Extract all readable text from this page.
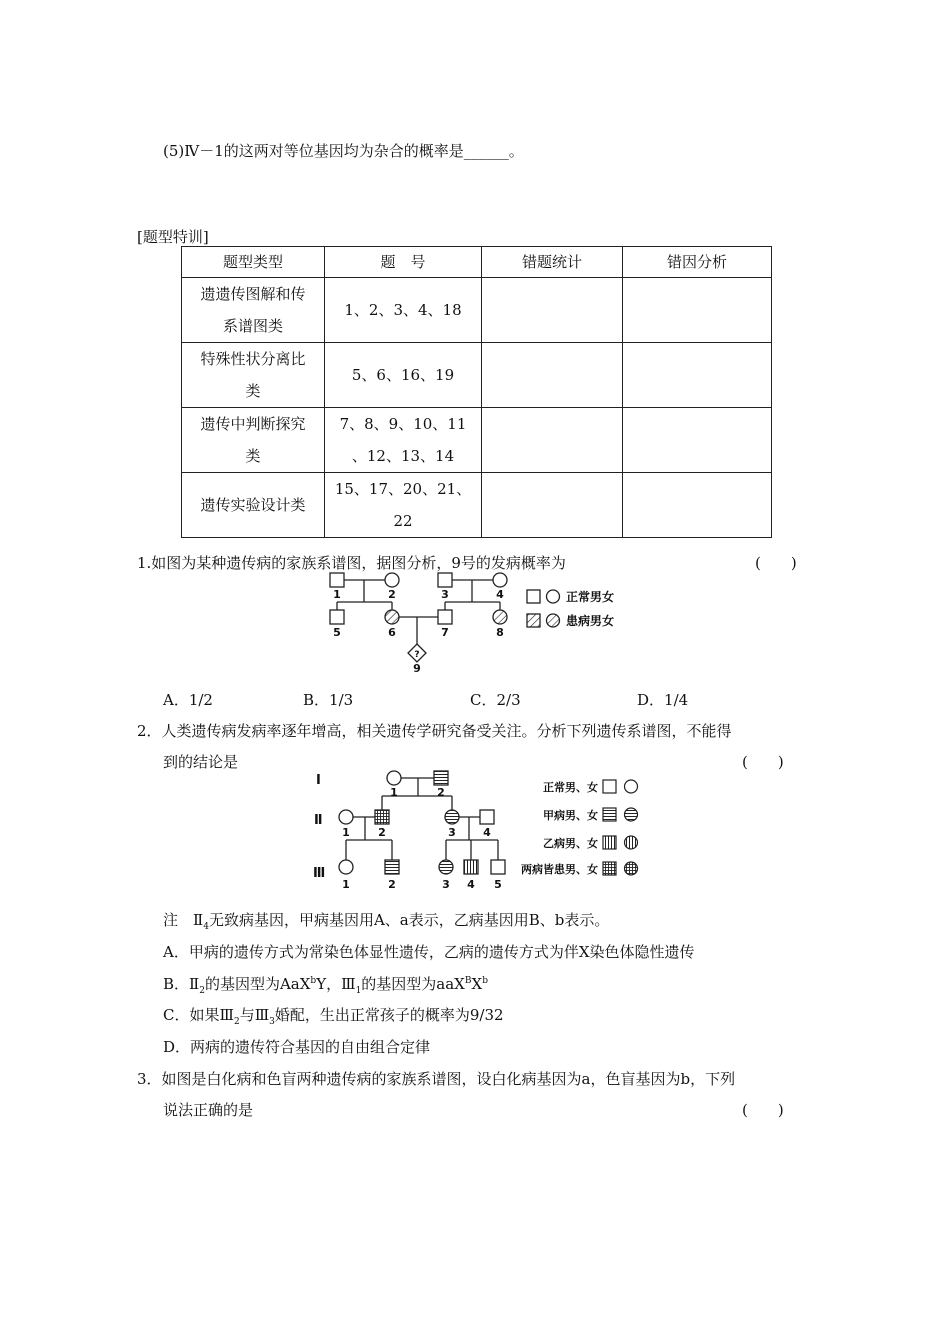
(5)Ⅳ－1的这两对等位基因均为杂合的概率是______。
[题型特训]
题型类型	题　号	错题统计	错因分析
遗遗传图解和传
系谱图类	1、2、3、4、18		
特殊性状分离比
类	5、6、16、19		
遗传中判断探究
类	7、8、9、10、11
、12、13、14		
遗传实验设计类	15、17、20、21、
22		
1.如图为某种遗传病的家族系谱图，据图分析，9号的发病概率为	(　　)
1	2	3	4
5	6	7	8
9
?
正常男女
患病男女
A．1/2	B．1/3	C．2/3	D．1/4
2．人类遗传病发病率逐年增高，相关遗传学研究备受关注。分析下列遗传系谱图，不能得
到的结论是	(　　)
Ⅰ
Ⅱ
Ⅲ
1	2
1	2	3 4
1	2	3 4 5
正常男、女
甲病男、女
乙病男、女
两病皆患男、女
注　$Ⅱ_4$无致病基因，甲病基因用A、a表示，乙病基因用B、b表示。
A．甲病的遗传方式为常染色体显性遗传，乙病的遗传方式为伴X染色体隐性遗传
B．$Ⅱ_2$的基因型为AaX$^b$Y，$Ⅲ_1$的基因型为$aaX^BX^b$
C．如果$Ⅲ_2$与$Ⅲ_3$婚配，生出正常孩子的概率为9/32
D．两病的遗传符合基因的自由组合定律
3．如图是白化病和色盲两种遗传病的家族系谱图，设白化病基因为a，色盲基因为b，下列
说法正确的是	(　　)
